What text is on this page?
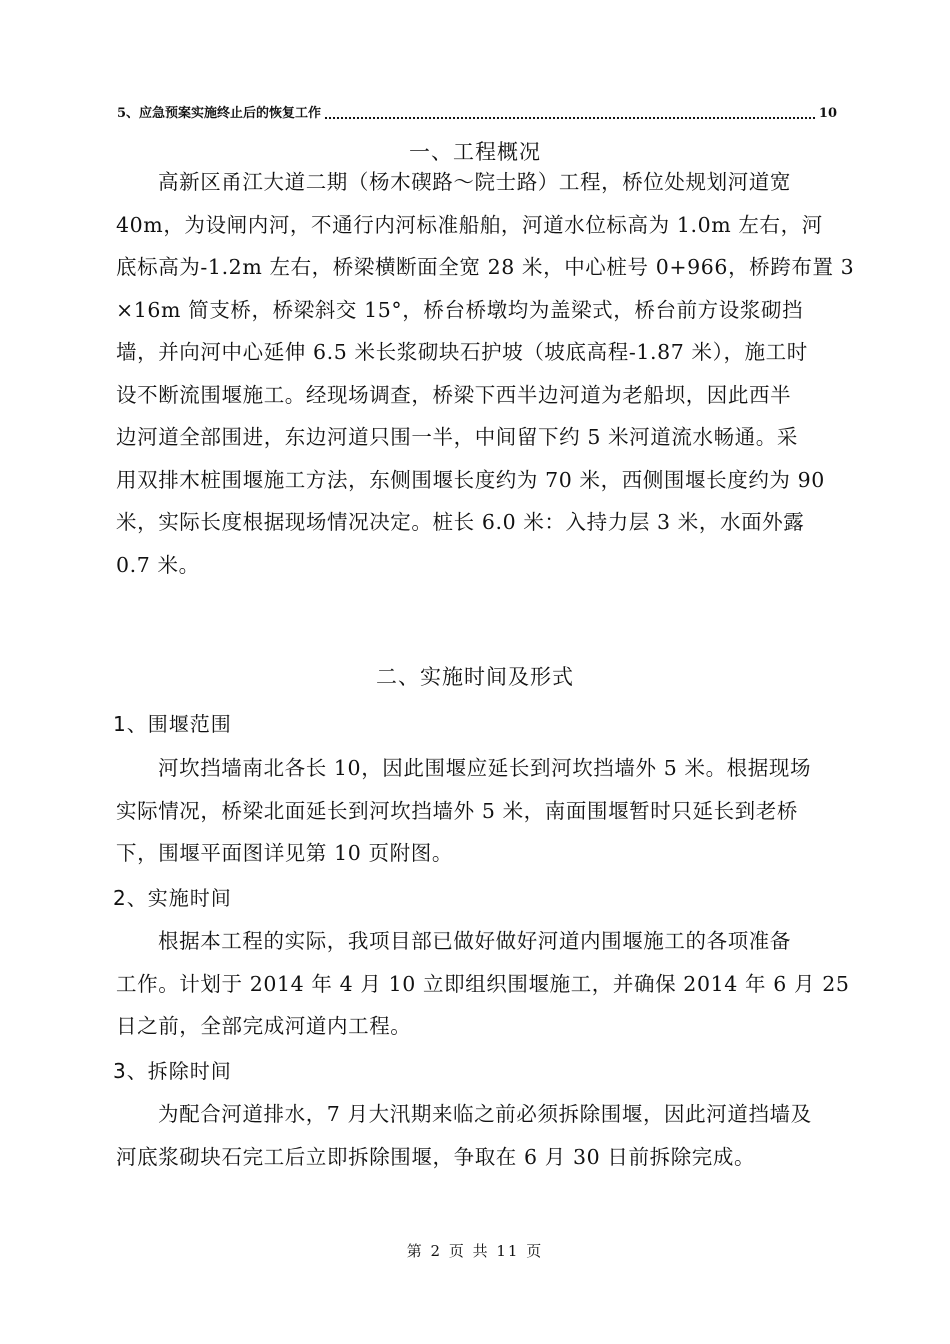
5、应急预案实施终止后的恢复工作	10
一、工程概况
高新区甬江大道二期（杨木碶路～院士路）工程，桥位处规划河道宽
40m，为设闸内河，不通行内河标准船舶，河道水位标高为 1.0m 左右，河
底标高为-1.2m 左右，桥梁横断面全宽 28 米，中心桩号 0+966，桥跨布置 3
×16m 简支桥，桥梁斜交 15°，桥台桥墩均为盖梁式，桥台前方设浆砌挡
墙，并向河中心延伸 6.5 米长浆砌块石护坡（坡底高程-1.87 米），施工时
设不断流围堰施工。经现场调查，桥梁下西半边河道为老船坝，因此西半
边河道全部围进，东边河道只围一半，中间留下约 5 米河道流水畅通。采
用双排木桩围堰施工方法，东侧围堰长度约为 70 米，西侧围堰长度约为 90
米，实际长度根据现场情况决定。桩长 6.0 米：入持力层 3 米，水面外露
0.7 米。
二、实施时间及形式
1、围堰范围
河坎挡墙南北各长 10，因此围堰应延长到河坎挡墙外 5 米。根据现场
实际情况，桥梁北面延长到河坎挡墙外 5 米，南面围堰暂时只延长到老桥
下，围堰平面图详见第 10 页附图。
2、实施时间
根据本工程的实际，我项目部已做好做好河道内围堰施工的各项准备
工作。计划于 2014 年 4 月 10 立即组织围堰施工，并确保 2014 年 6 月 25
日之前，全部完成河道内工程。
3、拆除时间
为配合河道排水，7 月大汛期来临之前必须拆除围堰，因此河道挡墙及
河底浆砌块石完工后立即拆除围堰，争取在 6 月 30 日前拆除完成。
第 2 页 共 11 页
